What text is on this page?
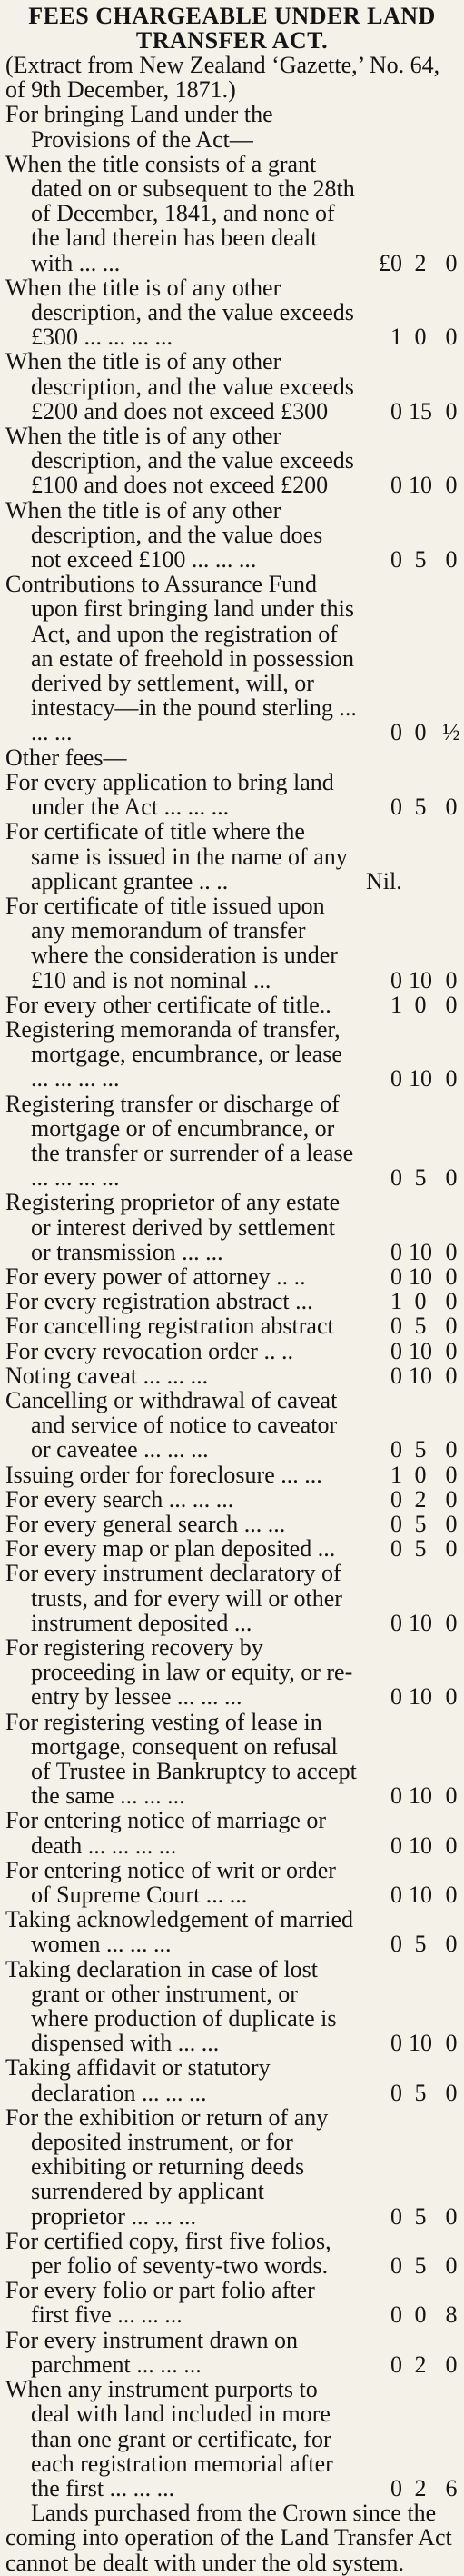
FEES CHARGEABLE UNDER LAND TRANSFER ACT.
(Extract from New Zealand ‘Gazette,’ No. 64, of 9th December, 1871.)
For bringing Land under the Provisions of the Act—
When the title consists of a grant dated on or subsequent to the 28th of December, 1841, and none of the land therein has been dealt with ... ...	£0 2 0
When the title is of any other description, and the value exceeds £300 ... ... ... ...	1 0 0
When the title is of any other description, and the value exceeds £200 and does not exceed £300	0 15 0
When the title is of any other description, and the value exceeds £100 and does not exceed £200	0 10 0
When the title is of any other description, and the value does not exceed £100 ... ... ...	0 5 0
Contributions to Assurance Fund upon first bringing land under this Act, and upon the registration of an estate of freehold in possession derived by settlement, will, or intestacy—in the pound sterling ... ... ...	0 0 ½
Other fees—
For every application to bring land under the Act ... ... ...	0 5 0
For certificate of title where the same is issued in the name of any applicant grantee .. ..	Nil.
For certificate of title issued upon any memorandum of transfer where the consideration is under £10 and is not nominal ...	0 10 0
For every other certificate of title..	1 0 0
Registering memoranda of transfer, mortgage, encumbrance, or lease ... ... ... ...	0 10 0
Registering transfer or discharge of mortgage or of encumbrance, or the transfer or surrender of a lease ... ... ... ...	0 5 0
Registering proprietor of any estate or interest derived by settlement or transmission ... ...	0 10 0
For every power of attorney .. ..	0 10 0
For every registration abstract ...	1 0 0
For cancelling registration abstract	0 5 0
For every revocation order .. ..	0 10 0
Noting caveat ... ... ...	0 10 0
Cancelling or withdrawal of caveat and service of notice to caveator or caveatee ... ... ...	0 5 0
Issuing order for foreclosure ... ...	1 0 0
For every search ... ... ...	0 2 0
For every general search ... ...	0 5 0
For every map or plan deposited ...	0 5 0
For every instrument declaratory of trusts, and for every will or other instrument deposited ...	0 10 0
For registering recovery by proceeding in law or equity, or re-entry by lessee ... ... ...	0 10 0
For registering vesting of lease in mortgage, consequent on refusal of Trustee in Bankruptcy to accept the same ... ... ...	0 10 0
For entering notice of marriage or death ... ... ... ...	0 10 0
For entering notice of writ or order of Supreme Court ... ...	0 10 0
Taking acknowledgement of married women ... ... ...	0 5 0
Taking declaration in case of lost grant or other instrument, or where production of duplicate is dispensed with ... ...	0 10 0
Taking affidavit or statutory declaration ... ... ...	0 5 0
For the exhibition or return of any deposited instrument, or for exhibiting or returning deeds surrendered by applicant proprietor ... ... ...	0 5 0
For certified copy, first five folios, per folio of seventy-two words.	0 5 0
For every folio or part folio after first five ... ... ...	0 0 8
For every instrument drawn on parchment ... ... ...	0 2 0
When any instrument purports to deal with land included in more than one grant or certificate, for each registration memorial after the first ... ... ...	0 2 6
Lands purchased from the Crown since the coming into operation of the Land Transfer Act cannot be dealt with under the old system.
